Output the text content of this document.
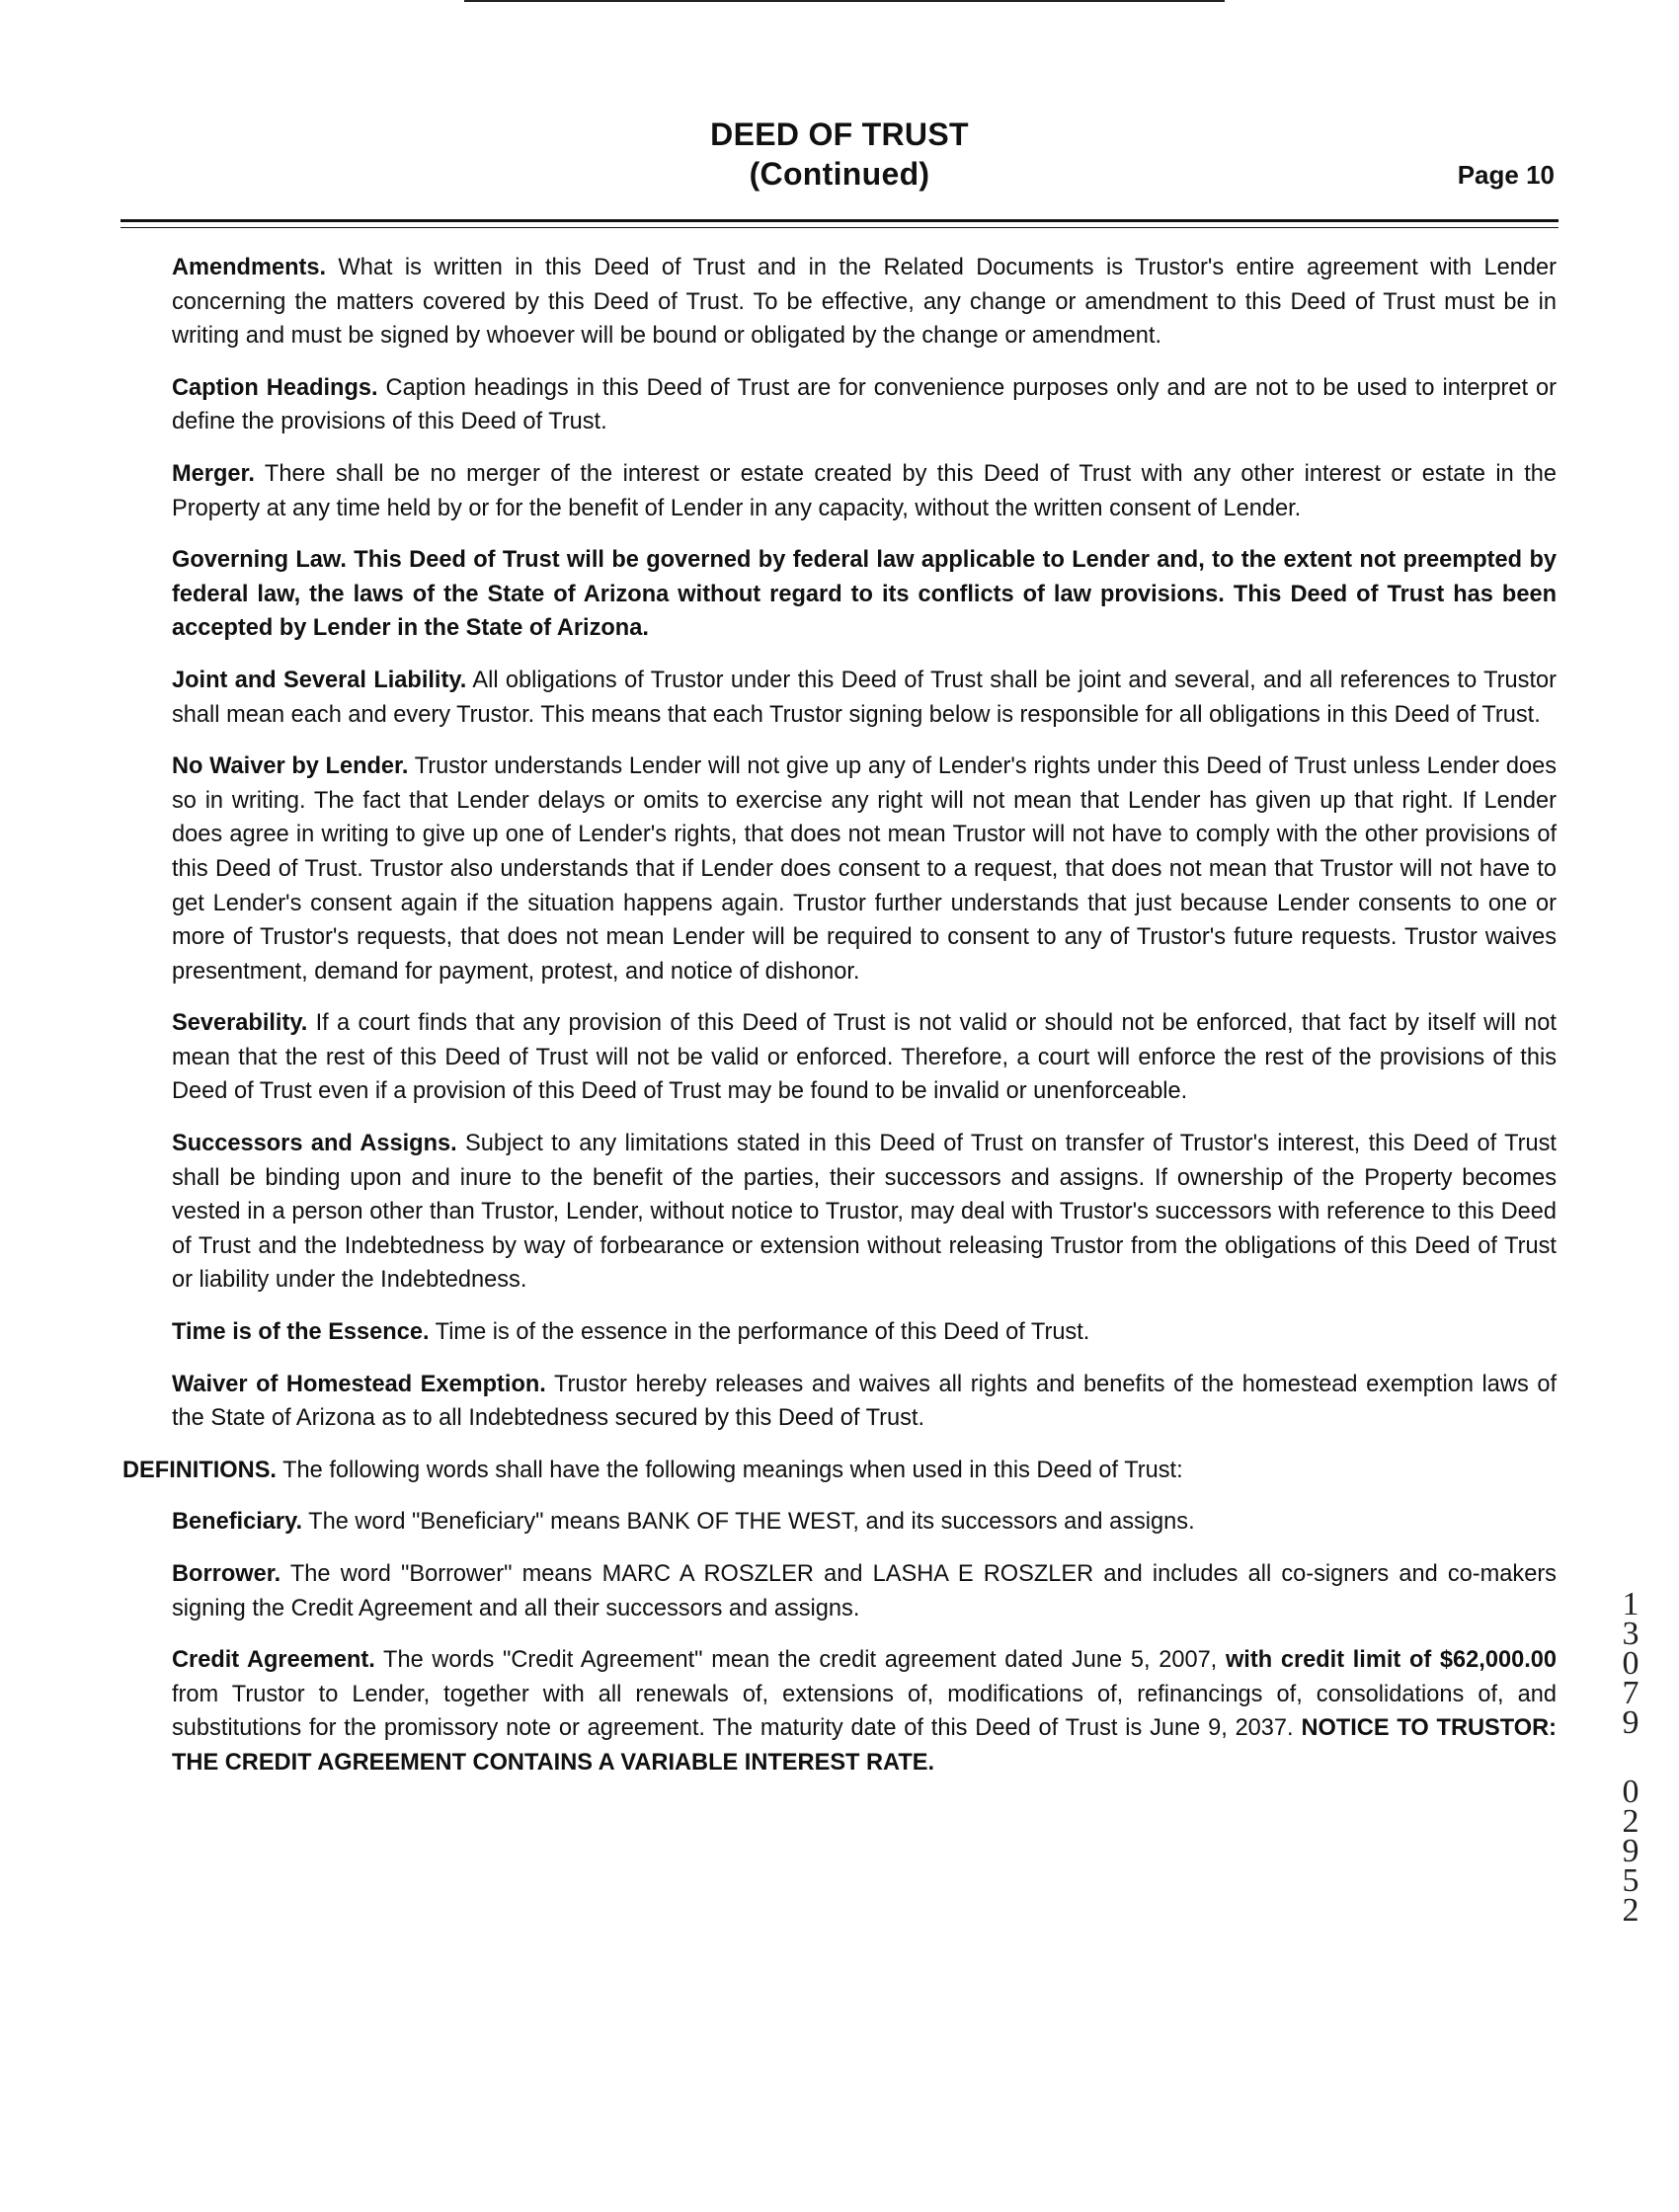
DEED OF TRUST
(Continued)	Page 10

Amendments. What is written in this Deed of Trust and in the Related Documents is Trustor's entire agreement with Lender concerning the matters covered by this Deed of Trust. To be effective, any change or amendment to this Deed of Trust must be in writing and must be signed by whoever will be bound or obligated by the change or amendment.

Caption Headings. Caption headings in this Deed of Trust are for convenience purposes only and are not to be used to interpret or define the provisions of this Deed of Trust.

Merger. There shall be no merger of the interest or estate created by this Deed of Trust with any other interest or estate in the Property at any time held by or for the benefit of Lender in any capacity, without the written consent of Lender.

Governing Law. This Deed of Trust will be governed by federal law applicable to Lender and, to the extent not preempted by federal law, the laws of the State of Arizona without regard to its conflicts of law provisions. This Deed of Trust has been accepted by Lender in the State of Arizona.

Joint and Several Liability. All obligations of Trustor under this Deed of Trust shall be joint and several, and all references to Trustor shall mean each and every Trustor. This means that each Trustor signing below is responsible for all obligations in this Deed of Trust.

No Waiver by Lender. Trustor understands Lender will not give up any of Lender's rights under this Deed of Trust unless Lender does so in writing. The fact that Lender delays or omits to exercise any right will not mean that Lender has given up that right. If Lender does agree in writing to give up one of Lender's rights, that does not mean Trustor will not have to comply with the other provisions of this Deed of Trust. Trustor also understands that if Lender does consent to a request, that does not mean that Trustor will not have to get Lender's consent again if the situation happens again. Trustor further understands that just because Lender consents to one or more of Trustor's requests, that does not mean Lender will be required to consent to any of Trustor's future requests. Trustor waives presentment, demand for payment, protest, and notice of dishonor.

Severability. If a court finds that any provision of this Deed of Trust is not valid or should not be enforced, that fact by itself will not mean that the rest of this Deed of Trust will not be valid or enforced. Therefore, a court will enforce the rest of the provisions of this Deed of Trust even if a provision of this Deed of Trust may be found to be invalid or unenforceable.

Successors and Assigns. Subject to any limitations stated in this Deed of Trust on transfer of Trustor's interest, this Deed of Trust shall be binding upon and inure to the benefit of the parties, their successors and assigns. If ownership of the Property becomes vested in a person other than Trustor, Lender, without notice to Trustor, may deal with Trustor's successors with reference to this Deed of Trust and the Indebtedness by way of forbearance or extension without releasing Trustor from the obligations of this Deed of Trust or liability under the Indebtedness.

Time is of the Essence. Time is of the essence in the performance of this Deed of Trust.

Waiver of Homestead Exemption. Trustor hereby releases and waives all rights and benefits of the homestead exemption laws of the State of Arizona as to all Indebtedness secured by this Deed of Trust.

DEFINITIONS. The following words shall have the following meanings when used in this Deed of Trust:

Beneficiary. The word "Beneficiary" means BANK OF THE WEST, and its successors and assigns.

Borrower. The word "Borrower" means MARC A ROSZLER and LASHA E ROSZLER and includes all co-signers and co-makers signing the Credit Agreement and all their successors and assigns.

Credit Agreement. The words "Credit Agreement" mean the credit agreement dated June 5, 2007, with credit limit of $62,000.00 from Trustor to Lender, together with all renewals of, extensions of, modifications of, refinancings of, consolidations of, and substitutions for the promissory note or agreement. The maturity date of this Deed of Trust is June 9, 2037. NOTICE TO TRUSTOR: THE CREDIT AGREEMENT CONTAINS A VARIABLE INTEREST RATE.

1
3
0
7
9
0
2
9
5
2
